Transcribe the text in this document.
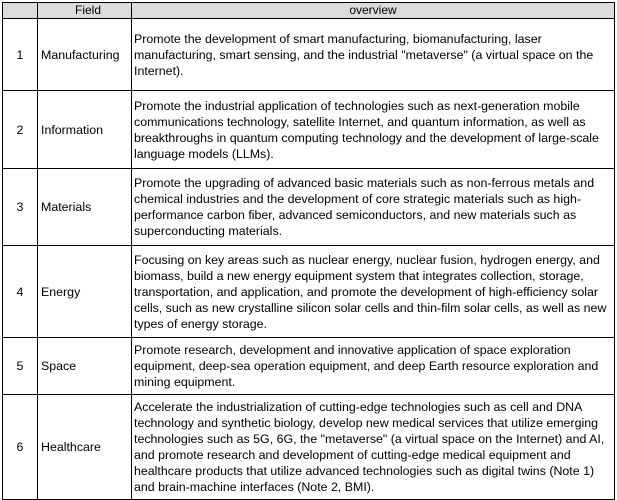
	Field	overview
1	Manufacturing	Promote the development of smart manufacturing, biomanufacturing, laser manufacturing, smart sensing, and the industrial "metaverse" (a virtual space on the Internet).
2	Information	Promote the industrial application of technologies such as next-generation mobile communications technology, satellite Internet, and quantum information, as well as breakthroughs in quantum computing technology and the development of large-scale language models (LLMs).
3	Materials	Promote the upgrading of advanced basic materials such as non-ferrous metals and chemical industries and the development of core strategic materials such as high-performance carbon fiber, advanced semiconductors, and new materials such as superconducting materials.
4	Energy	Focusing on key areas such as nuclear energy, nuclear fusion, hydrogen energy, and biomass, build a new energy equipment system that integrates collection, storage, transportation, and application, and promote the development of high-efficiency solar cells, such as new crystalline silicon solar cells and thin-film solar cells, as well as new types of energy storage.
5	Space	Promote research, development and innovative application of space exploration equipment, deep-sea operation equipment, and deep Earth resource exploration and mining equipment.
6	Healthcare	Accelerate the industrialization of cutting-edge technologies such as cell and DNA technology and synthetic biology, develop new medical services that utilize emerging technologies such as 5G, 6G, the "metaverse" (a virtual space on the Internet) and AI, and promote research and development of cutting-edge medical equipment and healthcare products that utilize advanced technologies such as digital twins (Note 1) and brain-machine interfaces (Note 2, BMI).
